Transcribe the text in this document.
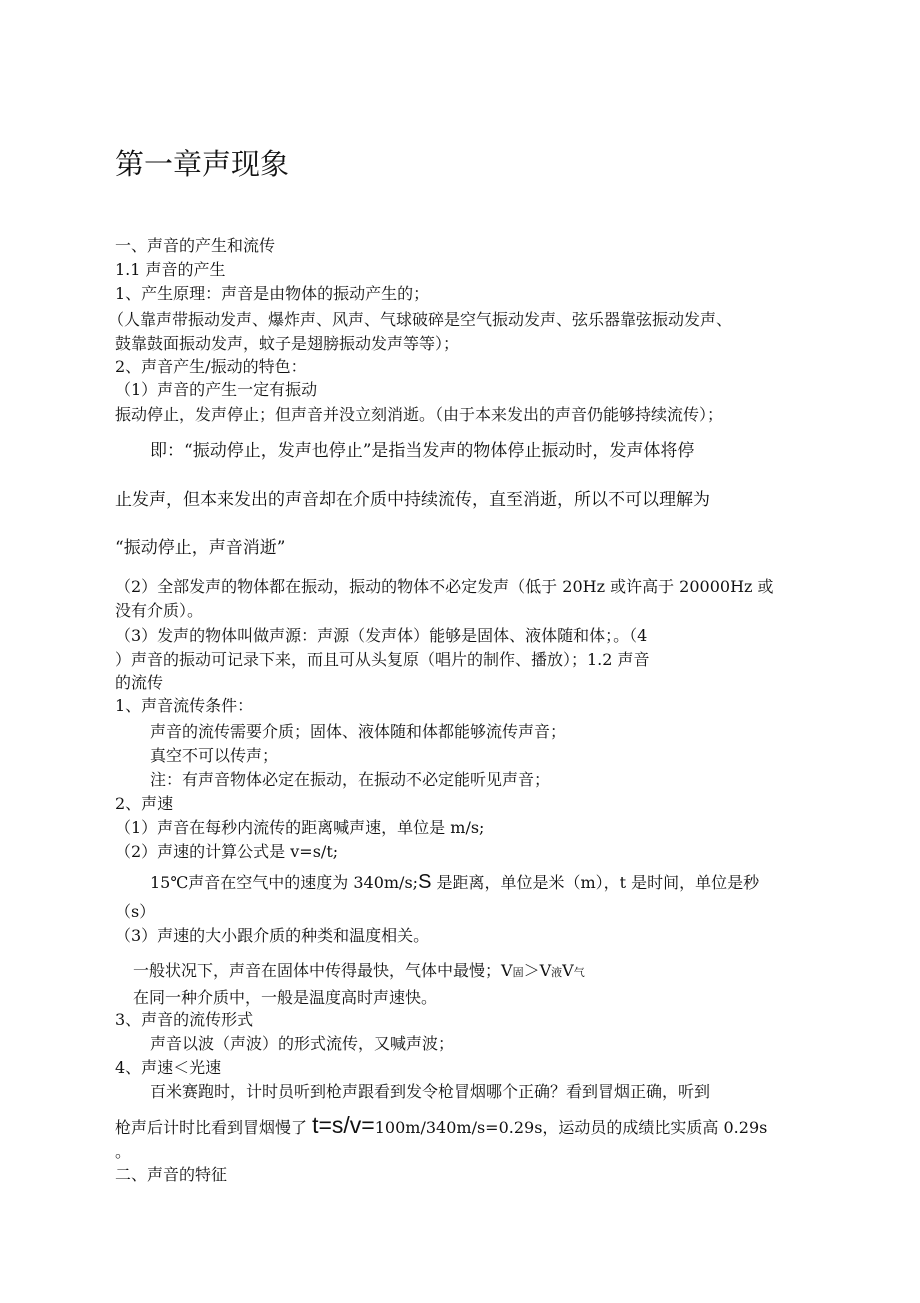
第一章声现象
一、声音的产生和流传
1.1 声音的产生
1、产生原理：声音是由物体的振动产生的；
（人靠声带振动发声、爆炸声、风声、气球破碎是空气振动发声、弦乐器靠弦振动发声、
鼓靠鼓面振动发声，蚊子是翅膀振动发声等等）；
2、声音产生/振动的特色：
（1）声音的产生一定有振动
振动停止，发声停止；但声音并没立刻消逝。（由于本来发出的声音仍能够持续流传）；
即：“振动停止，发声也停止”是指当发声的物体停止振动时，发声体将停
止发声，但本来发出的声音却在介质中持续流传，直至消逝，所以不可以理解为
“振动停止，声音消逝”
（2）全部发声的物体都在振动，振动的物体不必定发声（低于 20Hz 或许高于 20000Hz 或
没有介质）。
（3）发声的物体叫做声源：声源（发声体）能够是固体、液体随和体；。（4
）声音的振动可记录下来，而且可从头复原（唱片的制作、播放）；1.2 声音
的流传
1、声音流传条件：
声音的流传需要介质；固体、液体随和体都能够流传声音；
真空不可以传声；
注：有声音物体必定在振动，在振动不必定能听见声音；
2、声速
（1）声音在每秒内流传的距离喊声速，单位是 m/s;
（2）声速的计算公式是 v=s/t;
15℃声音在空气中的速度为 340m/s;S 是距离，单位是米（m），t 是时间，单位是秒
（s）
（3）声速的大小跟介质的种类和温度相关。
一般状况下，声音在固体中传得最快，气体中最慢；V固＞V液V气
在同一种介质中，一般是温度高时声速快。
3、声音的流传形式
声音以波（声波）的形式流传，又喊声波；
4、声速＜光速
百米赛跑时，计时员听到枪声跟看到发令枪冒烟哪个正确？看到冒烟正确，听到
枪声后计时比看到冒烟慢了 t=s/v=100m/340m/s=0.29s，运动员的成绩比实质高 0.29s
。
二、声音的特征
